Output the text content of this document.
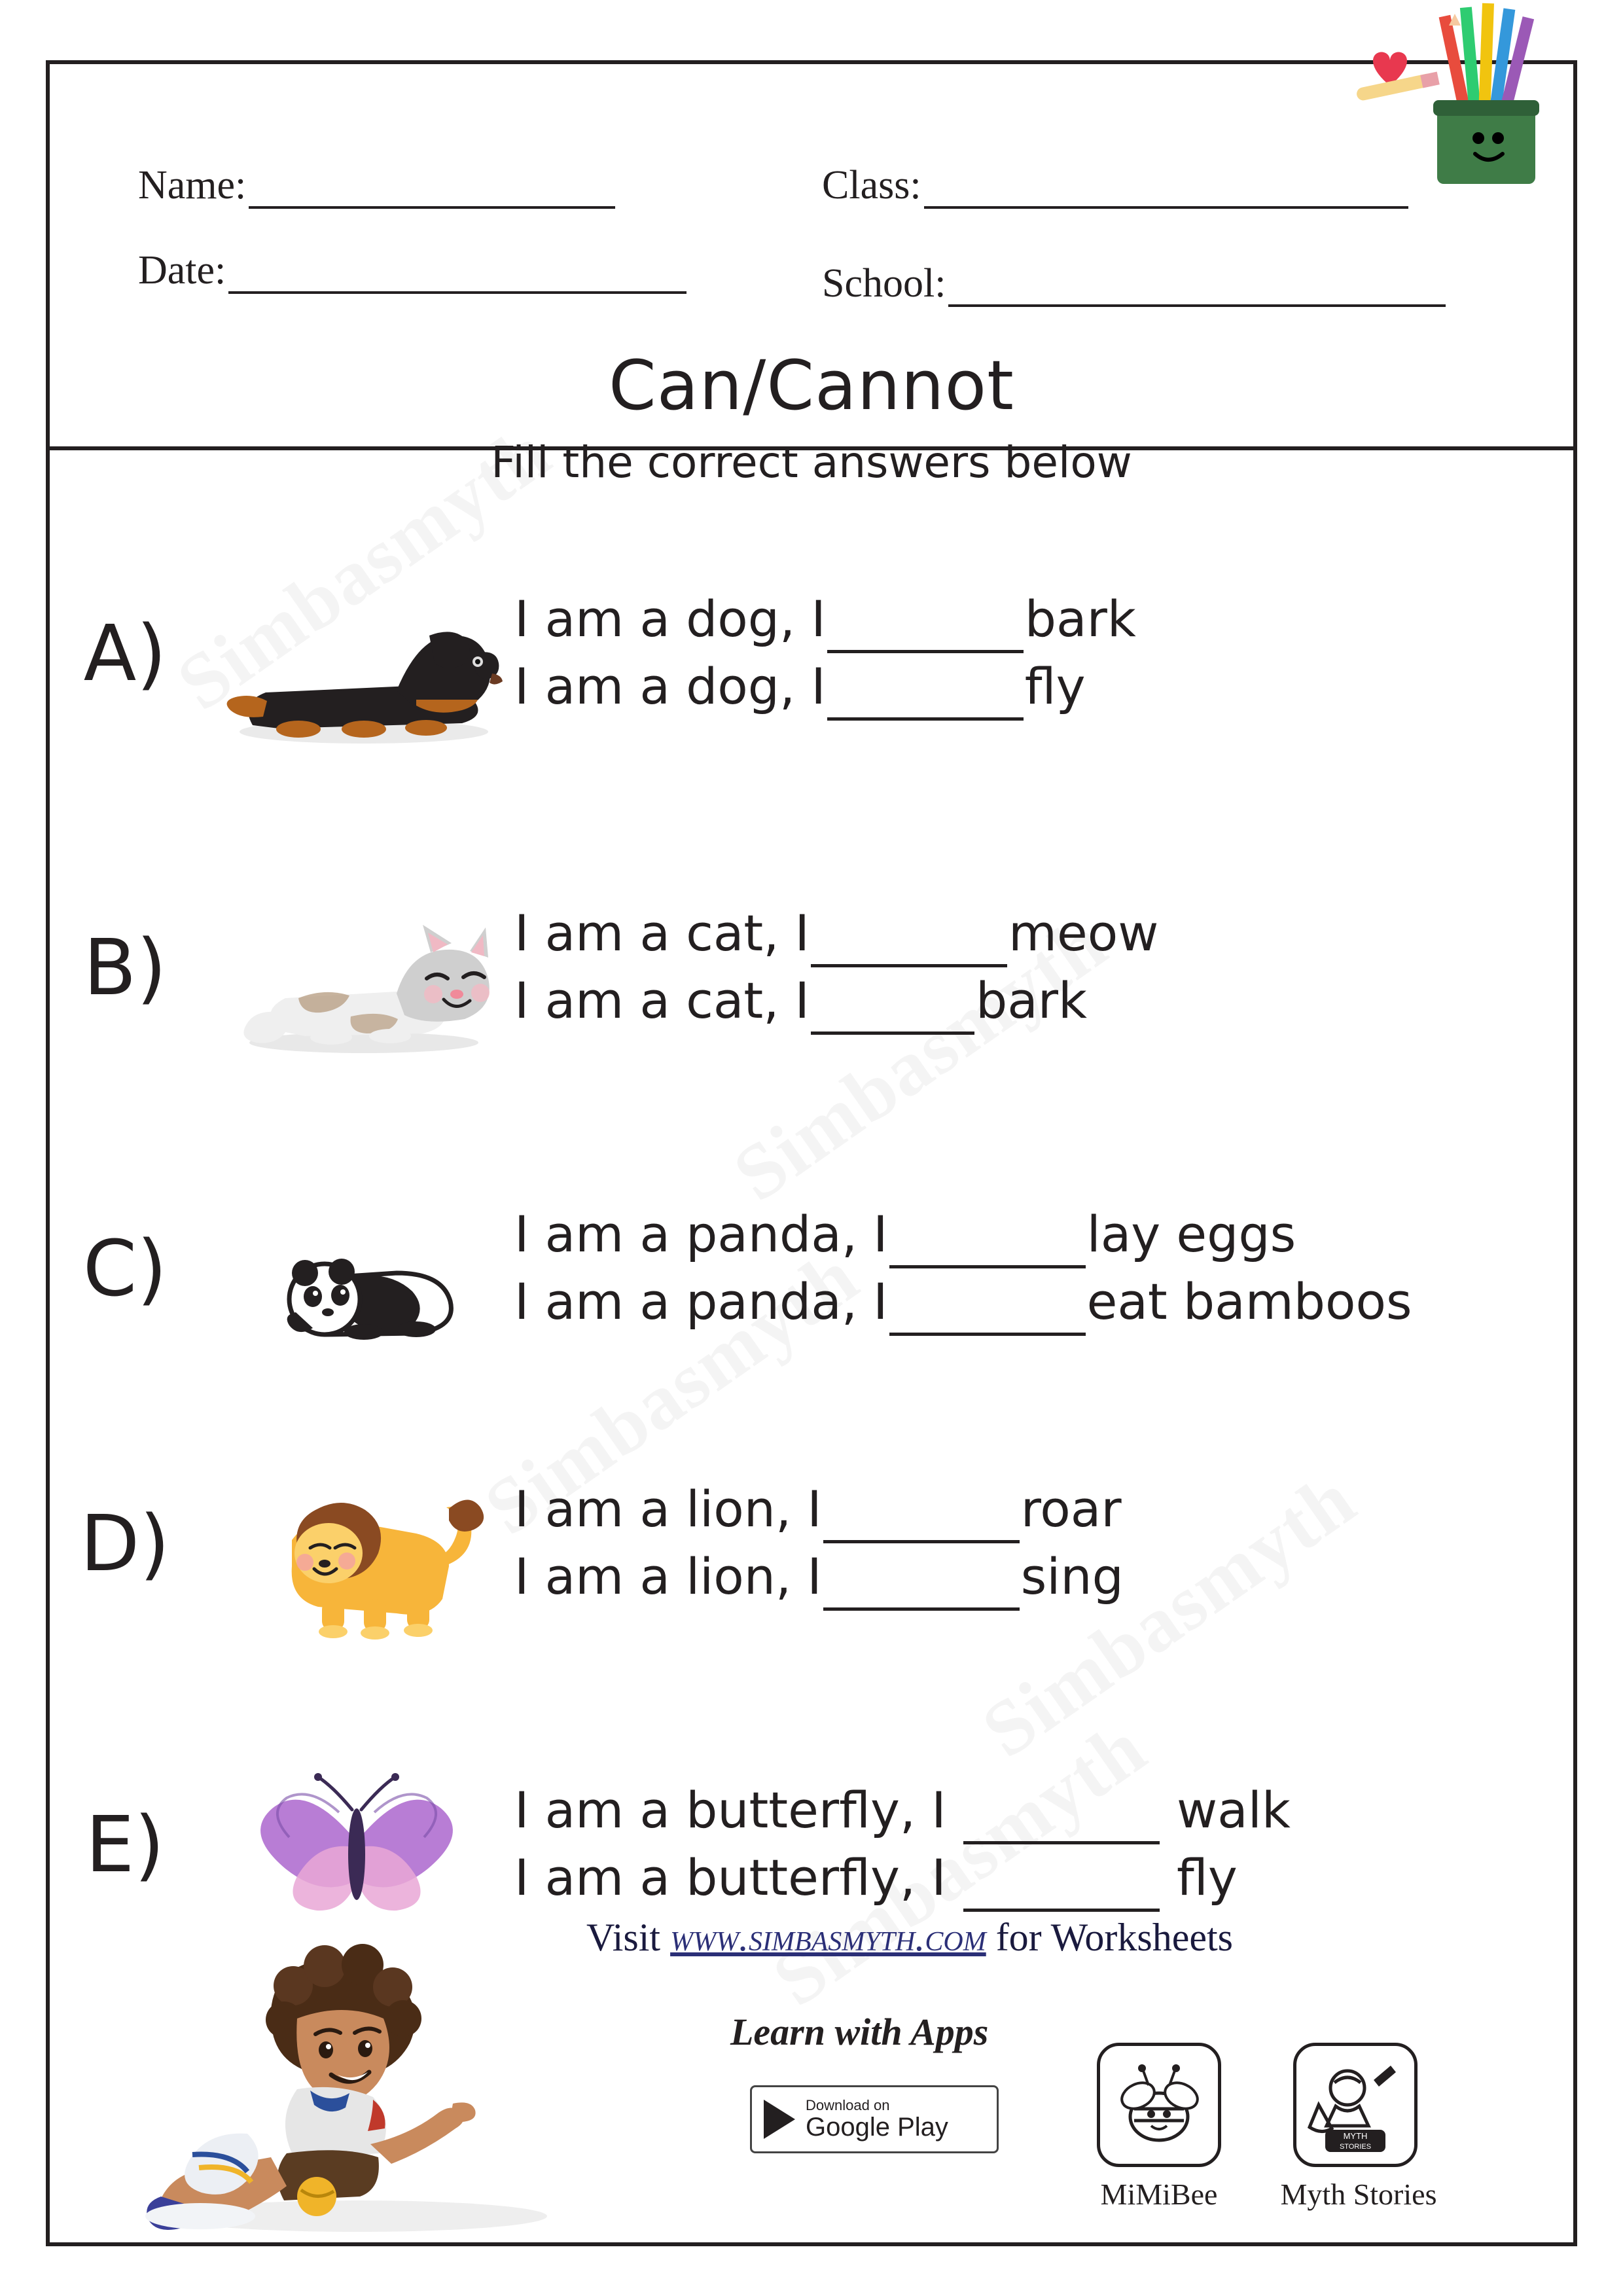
Name:	Class:
Date:	School:
Can/Cannot
Fill the correct answers below
A)	I am a dog, I	bark
I am a dog, I	fly
B)	I am a cat, I	meow
I am a cat, I	bark
C)	I am a panda, I	lay eggs
I am a panda, I	eat bamboos
D)	I am a lion, I	roar
I am a lion, I	sing
E)	I am a butterfly, I	walk
I am a butterfly, I	fly
Visit www.simbasmyth.com for Worksheets
Learn with Apps
Download on
Google Play	MYTH
STORIES
MiMiBee	Myth Stories
